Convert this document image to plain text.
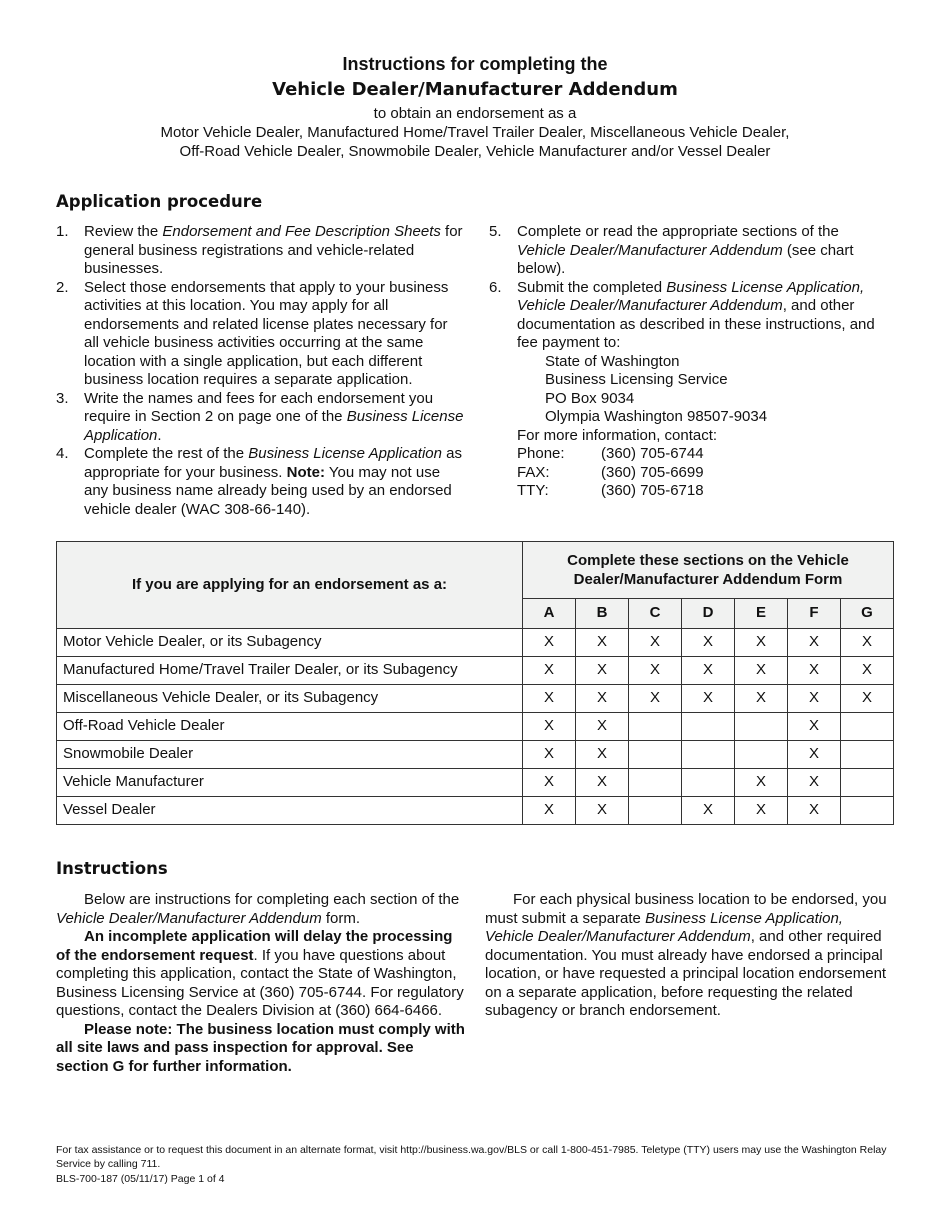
Instructions for completing the
Vehicle Dealer/Manufacturer Addendum
to obtain an endorsement as a
Motor Vehicle Dealer, Manufactured Home/Travel Trailer Dealer, Miscellaneous Vehicle Dealer,
Off-Road Vehicle Dealer, Snowmobile Dealer, Vehicle Manufacturer and/or Vessel Dealer
Application procedure
1. Review the Endorsement and Fee Description Sheets for general business registrations and vehicle-related businesses.
2. Select those endorsements that apply to your business activities at this location. You may apply for all endorsements and related license plates necessary for all vehicle business activities occurring at the same location with a single application, but each different business location requires a separate application.
3. Write the names and fees for each endorsement you require in Section 2 on page one of the Business License Application.
4. Complete the rest of the Business License Application as appropriate for your business. Note: You may not use any business name already being used by an endorsed vehicle dealer (WAC 308-66-140).
5. Complete or read the appropriate sections of the Vehicle Dealer/Manufacturer Addendum (see chart below).
6. Submit the completed Business License Application, Vehicle Dealer/Manufacturer Addendum, and other documentation as described in these instructions, and fee payment to:
State of Washington
Business Licensing Service
PO Box 9034
Olympia Washington 98507-9034
For more information, contact:
Phone:	(360) 705-6744
FAX:	(360) 705-6699
TTY:	(360) 705-6718
If you are applying for an endorsement as a:	Complete these sections on the Vehicle Dealer/Manufacturer Addendum Form						
	A	B	C	D	E	F	G
Motor Vehicle Dealer, or its Subagency	X	X	X	X	X	X	X
Manufactured Home/Travel Trailer Dealer, or its Subagency	X	X	X	X	X	X	X
Miscellaneous Vehicle Dealer, or its Subagency	X	X	X	X	X	X	X
Off-Road Vehicle Dealer	X	X				X	
Snowmobile Dealer	X	X				X	
Vehicle Manufacturer	X	X			X	X	
Vessel Dealer	X	X		X	X	X	
Instructions

Below are instructions for completing each section of the Vehicle Dealer/Manufacturer Addendum form.

An incomplete application will delay the processing of the endorsement request. If you have questions about completing this application, contact the State of Washington, Business Licensing Service at (360) 705-6744. For regulatory questions, contact the Dealers Division at (360) 664-6466.

Please note: The business location must comply with all site laws and pass inspection for approval. See section G for further information.

For each physical business location to be endorsed, you must submit a separate Business License Application, Vehicle Dealer/Manufacturer Addendum, and other required documentation. You must already have endorsed a principal location, or have requested a principal location endorsement on a separate application, before requesting the related subagency or branch endorsement.

For tax assistance or to request this document in an alternate format, visit http://business.wa.gov/BLS or call 1-800-451-7985. Teletype (TTY) users may use the Washington Relay Service by calling 711.
BLS-700-187 (05/11/17) Page 1 of 4
